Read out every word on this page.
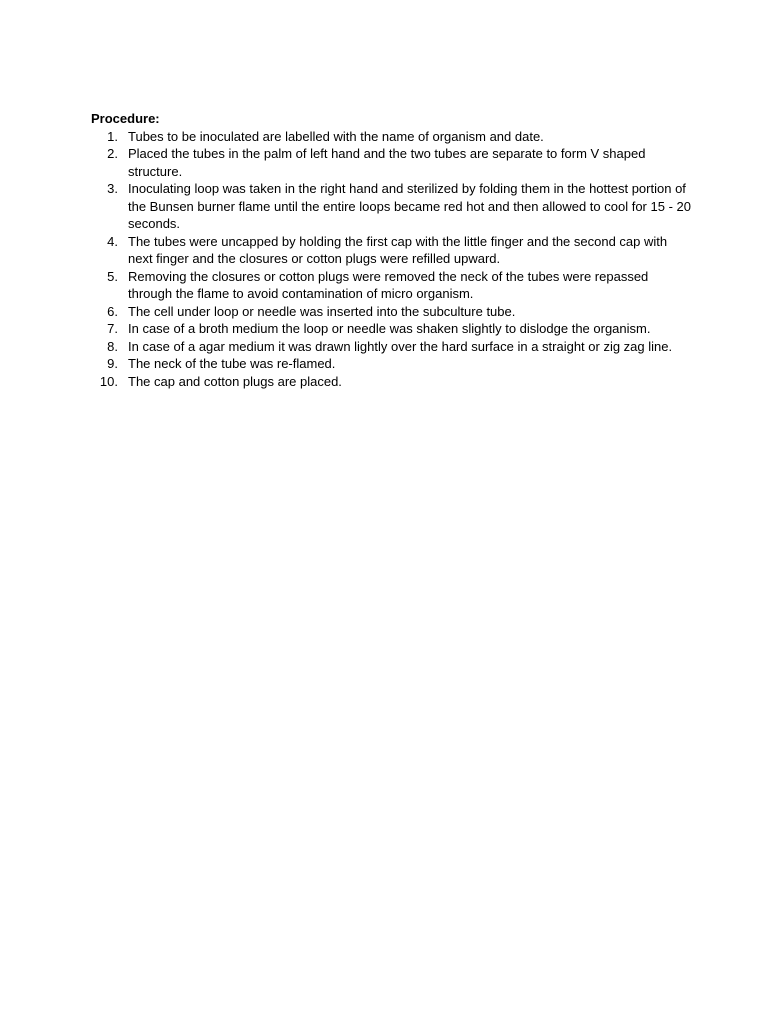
Procedure:

1. Tubes to be inoculated are labelled with the name of organism and date.
2. Placed the tubes in the palm of left hand and the two tubes are separate to form V shaped structure.
3. Inoculating loop was taken in the right hand and sterilized by folding them in the hottest portion of the Bunsen burner flame until the entire loops became red hot and then allowed to cool for 15 - 20 seconds.
4. The tubes were uncapped by holding the first cap with the little finger and the second cap with next finger and the closures or cotton plugs were refilled upward.
5. Removing the closures or cotton plugs were removed the neck of the tubes were repassed through the flame to avoid contamination of micro organism.
6. The cell under loop or needle was inserted into the subculture tube.
7. In case of a broth medium the loop or needle was shaken slightly to dislodge the organism.
8. In case of a agar medium it was drawn lightly over the hard surface in a straight or zig zag line.
9. The neck of the tube was re-flamed.
10. The cap and cotton plugs are placed.
